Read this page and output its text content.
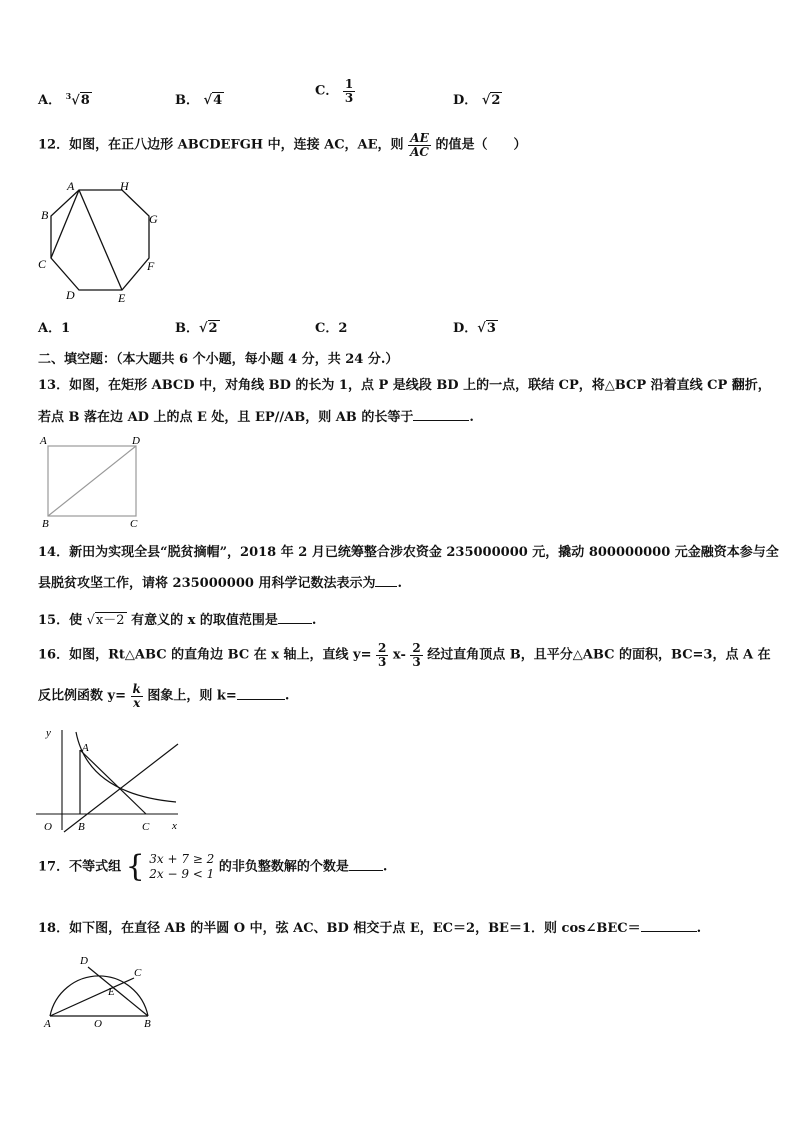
A． $^3$√8	B． √4
C． $\frac{1}{3}$	D． √2
12．如图，在正八边形 ABCDEFGH 中，连接 AC，AE，则 $\frac{AE}{AC}$ 的值是（　　）
A	H
G
F
E
D
C
B
A．1	B．√2	C．2	D．√3
二、填空题：（本大题共 6 个小题，每小题 4 分，共 24 分.）
13．如图，在矩形 ABCD 中，对角线 BD 的长为 1，点 P 是线段 BD 上的一点，联结 CP，将△BCP 沿着直线 CP 翻折，
若点 B 落在边 AD 上的点 E 处，且 EP//AB，则 AB 的长等于	.
A	D
B	C
14．新田为实现全县“脱贫摘帽”，2018 年 2 月已统筹整合涉农资金 235000000 元，撬动 800000000 元金融资本参与全
县脱贫攻坚工作，请将 235000000 用科学记数法表示为 .
15．使 √x－2 有意义的 x 的取值范围是	.
16．如图，Rt△ABC 的直角边 BC 在 x 轴上，直线 $y= \frac{2}{3} x- \frac{2}{3}$ 经过直角顶点 B，且平分△ABC 的面积，BC=3，点 A 在
反比例函数 $y= \frac{k}{x}$ 图象上，则 k=	.
y
A
O B	C x
17．不等式组 { 3x + 7 ≥ 2
2x − 9 < 1 的非负整数解的个数是	.
18．如下图，在直径 AB 的半圆 O 中，弦 AC、BD 相交于点 E，EC＝2，BE＝1．则 cos∠BEC＝	.
D
C
E
A	O	B
